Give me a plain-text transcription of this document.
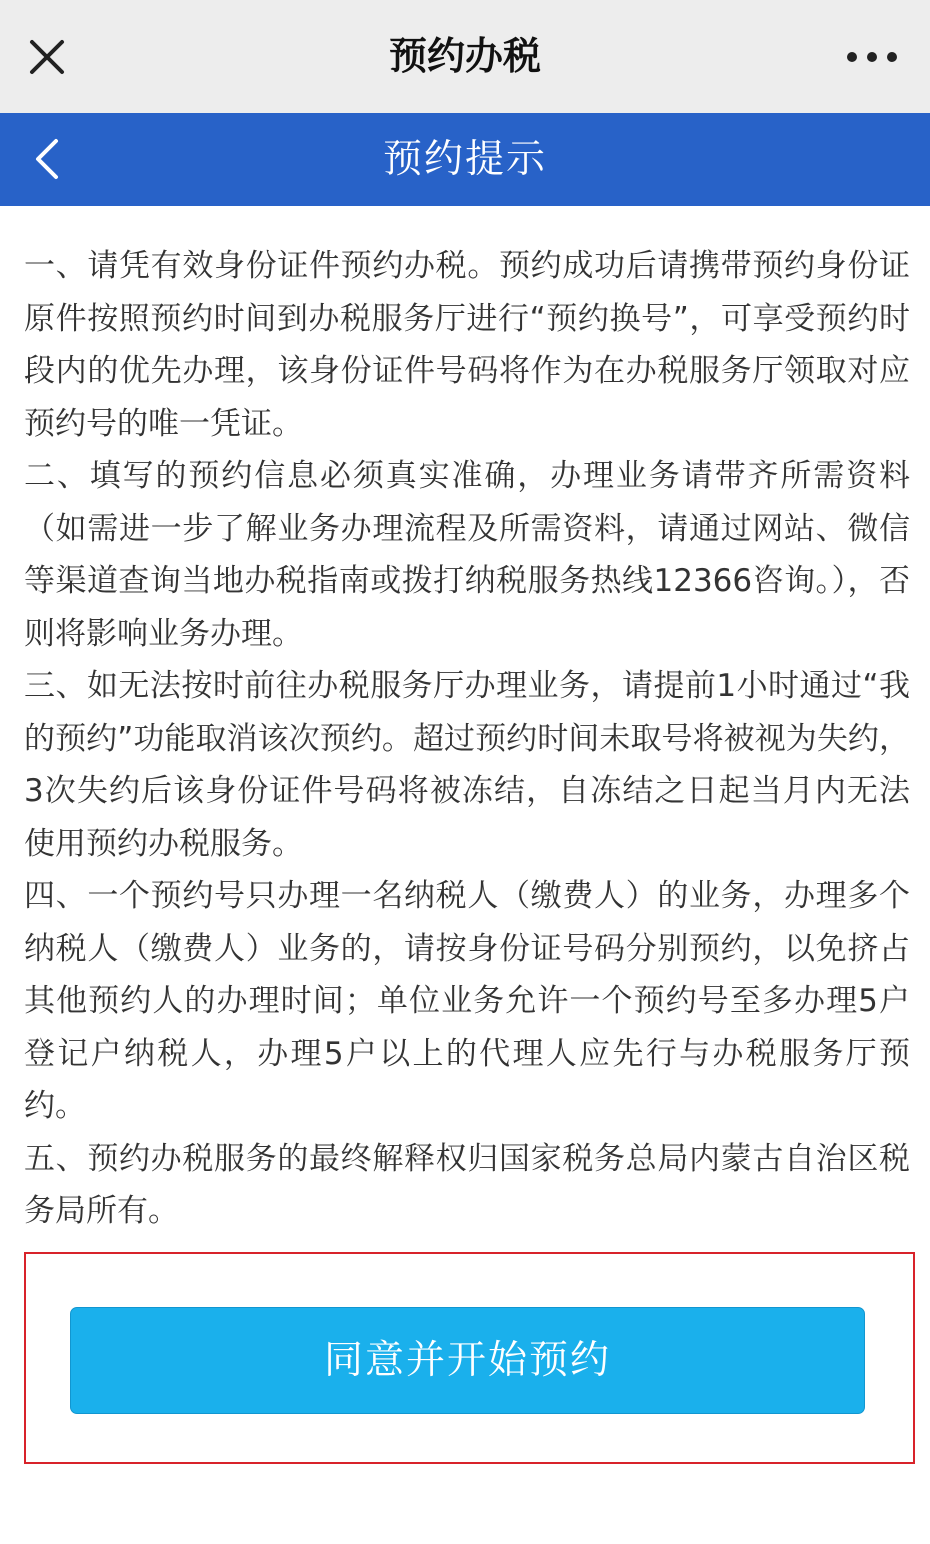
预约办税
预约提示

一、请凭有效身份证件预约办税。预约成功后请携带预约身份证原件按照预约时间到办税服务厅进行“预约换号”，可享受预约时段内的优先办理，该身份证件号码将作为在办税服务厅领取对应预约号的唯一凭证。

二、填写的预约信息必须真实准确，办理业务请带齐所需资料（如需进一步了解业务办理流程及所需资料，请通过网站、微信等渠道查询当地办税指南或拨打纳税服务热线12366咨询。），否则将影响业务办理。

三、如无法按时前往办税服务厅办理业务，请提前1小时通过“我的预约”功能取消该次预约。超过预约时间未取号将被视为失约，3次失约后该身份证件号码将被冻结，自冻结之日起当月内无法使用预约办税服务。

四、一个预约号只办理一名纳税人（缴费人）的业务，办理多个纳税人（缴费人）业务的，请按身份证号码分别预约，以免挤占其他预约人的办理时间；单位业务允许一个预约号至多办理5户登记户纳税人，办理5户以上的代理人应先行与办税服务厅预约。

五、预约办税服务的最终解释权归国家税务总局内蒙古自治区税务局所有。

同意并开始预约
